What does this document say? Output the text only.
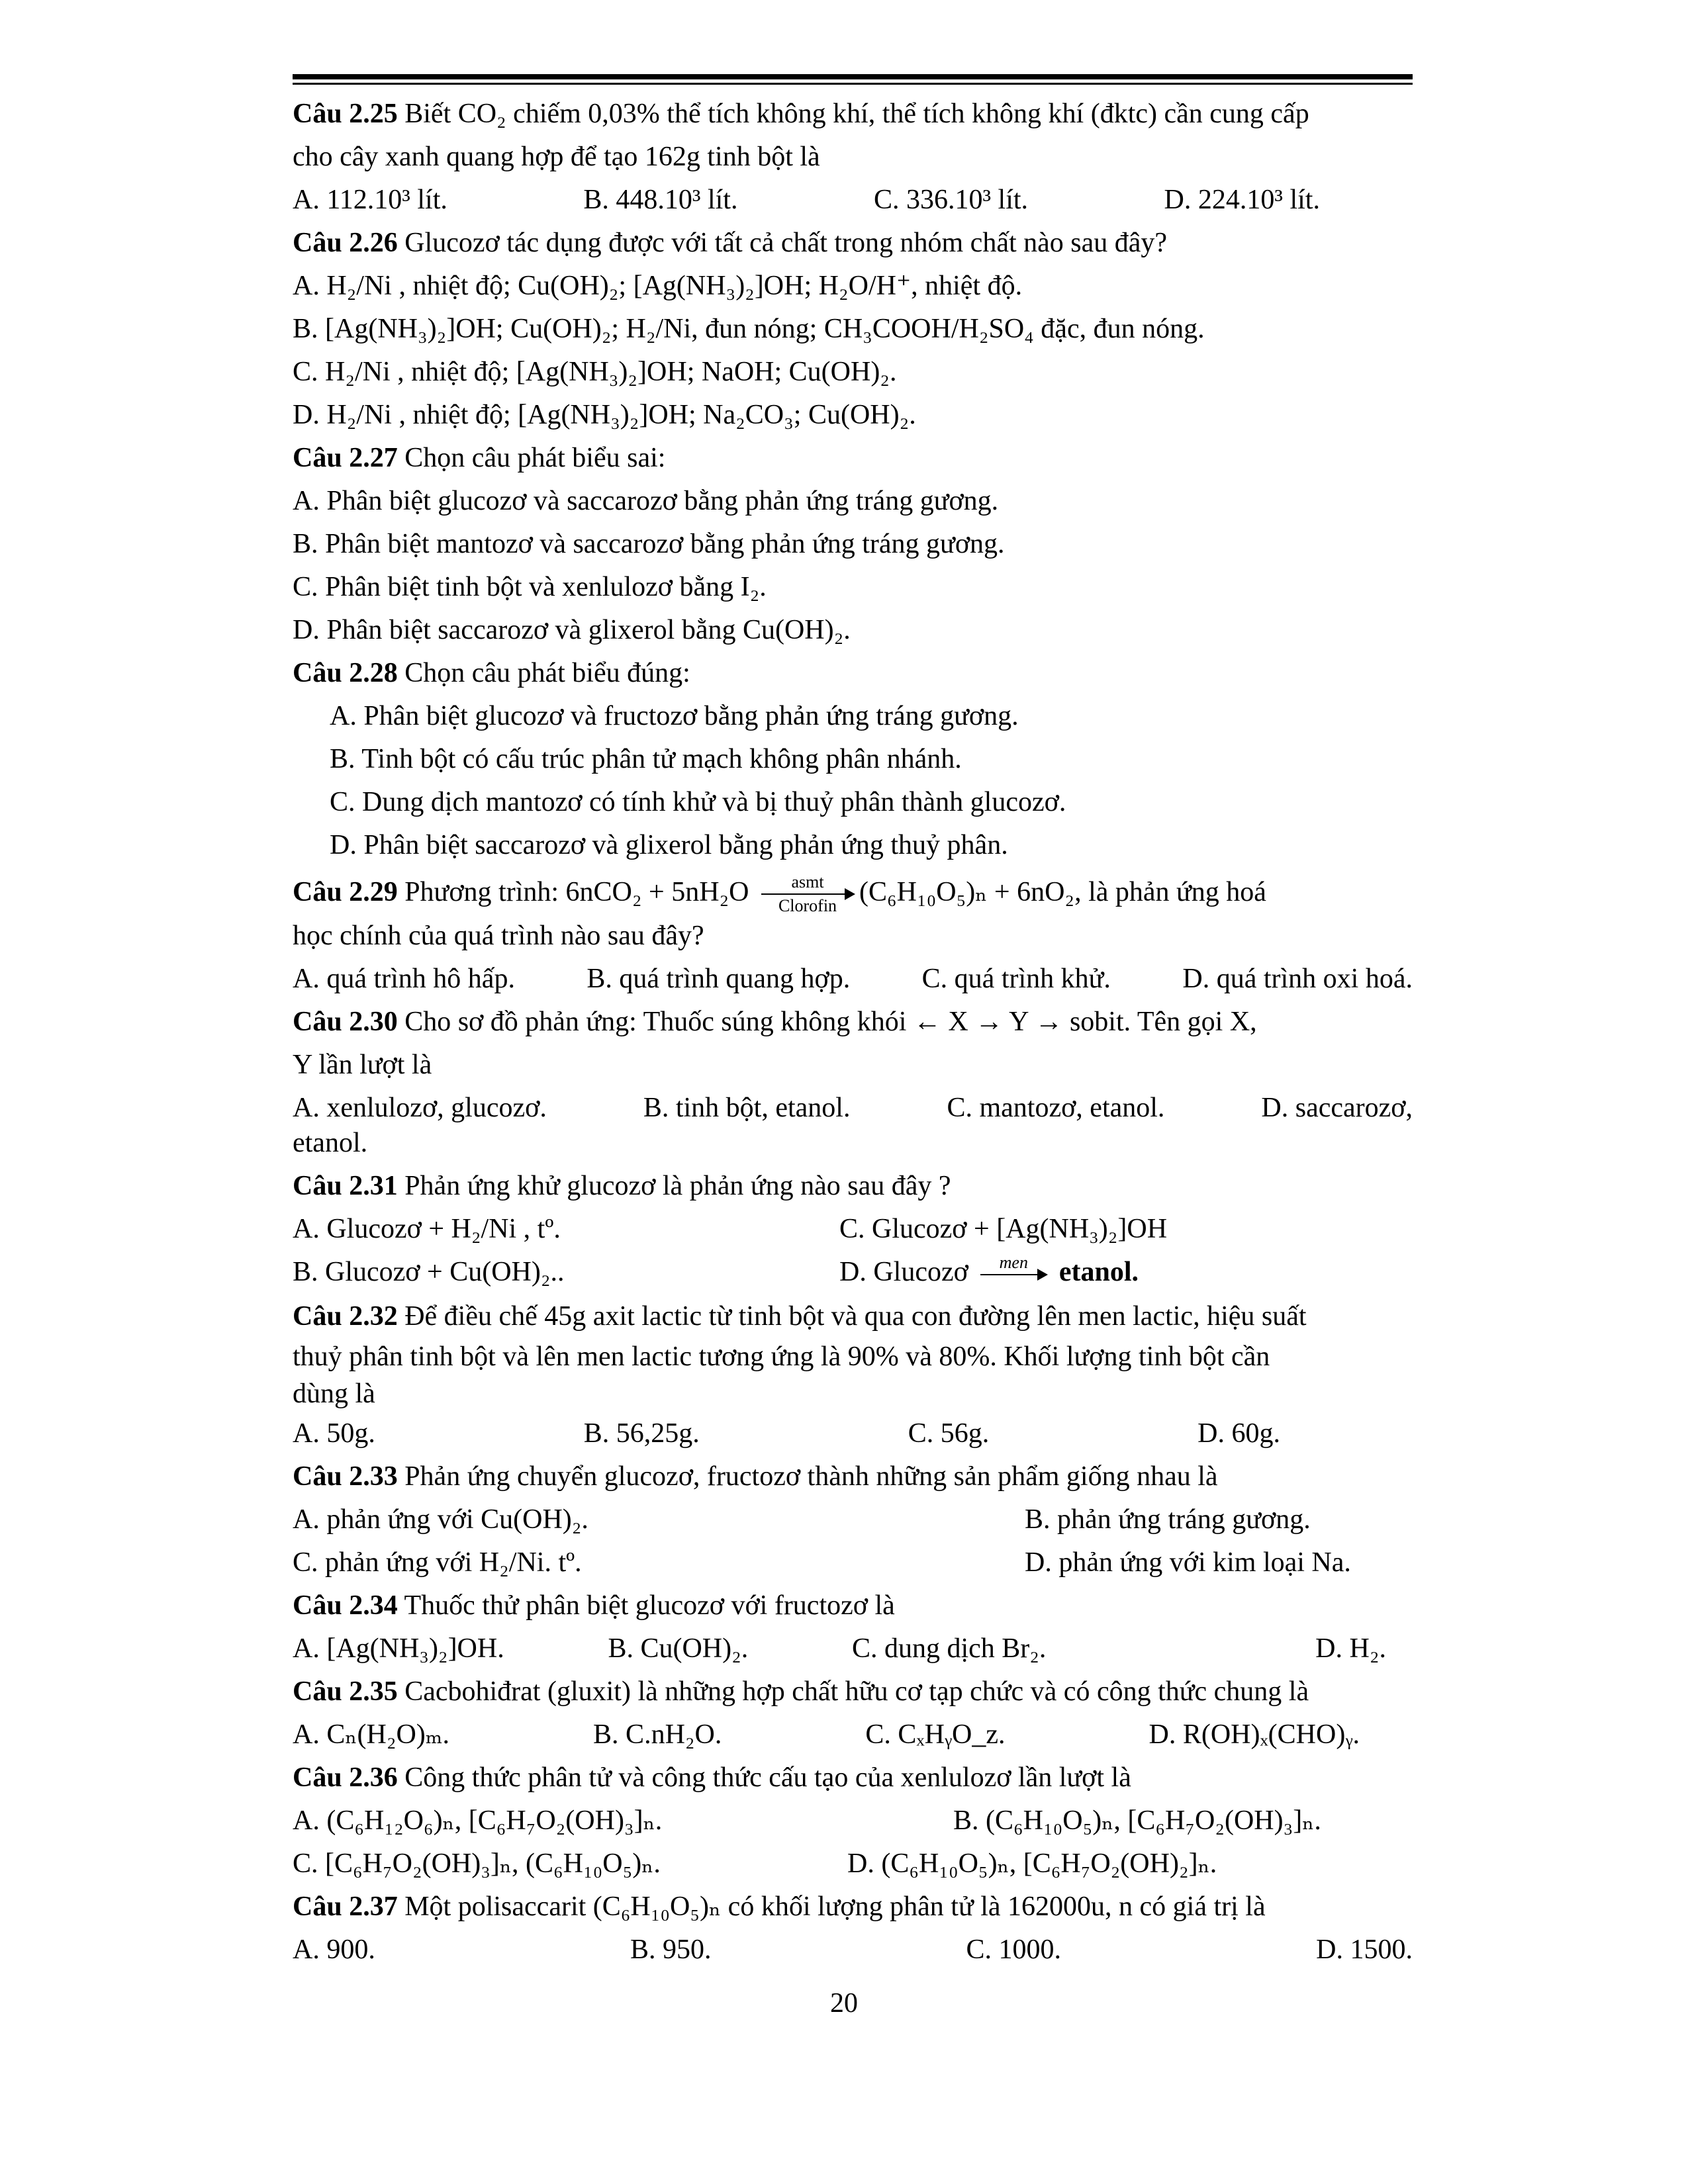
Câu 2.25 Biết CO₂ chiếm 0,03% thể tích không khí, thể tích không khí (đktc) cần cung cấp

cho cây xanh quang hợp để tạo 162g tinh bột là

A. 112.10³ lít.	B. 448.10³ lít.	C. 336.10³ lít.	D. 224.10³ lít.

Câu 2.26 Glucozơ tác dụng được với tất cả chất trong nhóm chất nào sau đây?

A. H₂/Ni , nhiệt độ; Cu(OH)₂; [Ag(NH₃)₂]OH; H₂O/H⁺, nhiệt độ.

B. [Ag(NH₃)₂]OH; Cu(OH)₂; H₂/Ni, đun nóng; CH₃COOH/H₂SO₄ đặc, đun nóng.

C. H₂/Ni , nhiệt độ; [Ag(NH₃)₂]OH; NaOH; Cu(OH)₂.

D. H₂/Ni , nhiệt độ; [Ag(NH₃)₂]OH; Na₂CO₃; Cu(OH)₂.

Câu 2.27 Chọn câu phát biểu sai:

A. Phân biệt glucozơ và saccarozơ bằng phản ứng tráng gương.

B. Phân biệt mantozơ và saccarozơ bằng phản ứng tráng gương.

C. Phân biệt tinh bột và xenlulozơ bằng I₂.

D. Phân biệt saccarozơ và glixerol bằng Cu(OH)₂.

Câu 2.28 Chọn câu phát biểu đúng:

A. Phân biệt glucozơ và fructozơ bằng phản ứng tráng gương.

B. Tinh bột có cấu trúc phân tử mạch không phân nhánh.

C. Dung dịch mantozơ có tính khử và bị thuỷ phân thành glucozơ.

D. Phân biệt saccarozơ và glixerol bằng phản ứng thuỷ phân.

Câu 2.29 Phương trình: 6nCO₂ + 5nH₂O	asmt
Clorofin (C₆H₁₀O₅)ₙ + 6nO₂, là phản ứng hoá

học chính của quá trình nào sau đây?

A. quá trình hô hấp.	B. quá trình quang hợp.	C. quá trình khử.	D. quá trình oxi hoá.

Câu 2.30 Cho sơ đồ phản ứng: Thuốc súng không khói ← X → Y → sobit. Tên gọi X,

Y lần lượt là

A. xenlulozơ, glucozơ.	B. tinh bột, etanol.	C. mantozơ, etanol.	D. saccarozơ,

etanol.

Câu 2.31 Phản ứng khử glucozơ là phản ứng nào sau đây ?

A. Glucozơ + H₂/Ni , tº.	C. Glucozơ + [Ag(NH₃)₂]OH
B. Glucozơ + Cu(OH)₂..	D. Glucozơ	men
etanol.

Câu 2.32 Để điều chế 45g axit lactic từ tinh bột và qua con đường lên men lactic, hiệu suất

thuỷ phân tinh bột và lên men lactic tương ứng là 90% và 80%. Khối lượng tinh bột cần

dùng là

A. 50g.	B. 56,25g.	C. 56g.	D. 60g.

Câu 2.33 Phản ứng chuyển glucozơ, fructozơ thành những sản phẩm giống nhau là

A. phản ứng với Cu(OH)₂.	B. phản ứng tráng gương.
C. phản ứng với H₂/Ni. tº.	D. phản ứng với kim loại Na.

Câu 2.34 Thuốc thử phân biệt glucozơ với fructozơ là

A. [Ag(NH₃)₂]OH.	B. Cu(OH)₂.	C. dung dịch Br₂.	D. H₂.

Câu 2.35 Cacbohiđrat (gluxit) là những hợp chất hữu cơ tạp chức và có công thức chung là

A. Cₙ(H₂O)ₘ.	B. C.nH₂O.	C. CₓHᵧO_z.	D. R(OH)ₓ(CHO)ᵧ.

Câu 2.36 Công thức phân tử và công thức cấu tạo của xenlulozơ lần lượt là

A. (C₆H₁₂O₆)ₙ, [C₆H₇O₂(OH)₃]ₙ.	B. (C₆H₁₀O₅)ₙ, [C₆H₇O₂(OH)₃]ₙ.
C. [C₆H₇O₂(OH)₃]ₙ, (C₆H₁₀O₅)ₙ.	D. (C₆H₁₀O₅)ₙ, [C₆H₇O₂(OH)₂]ₙ.

Câu 2.37 Một polisaccarit (C₆H₁₀O₅)ₙ có khối lượng phân tử là 162000u, n có giá trị là

A. 900.	B. 950.	C. 1000.	D. 1500.
20
